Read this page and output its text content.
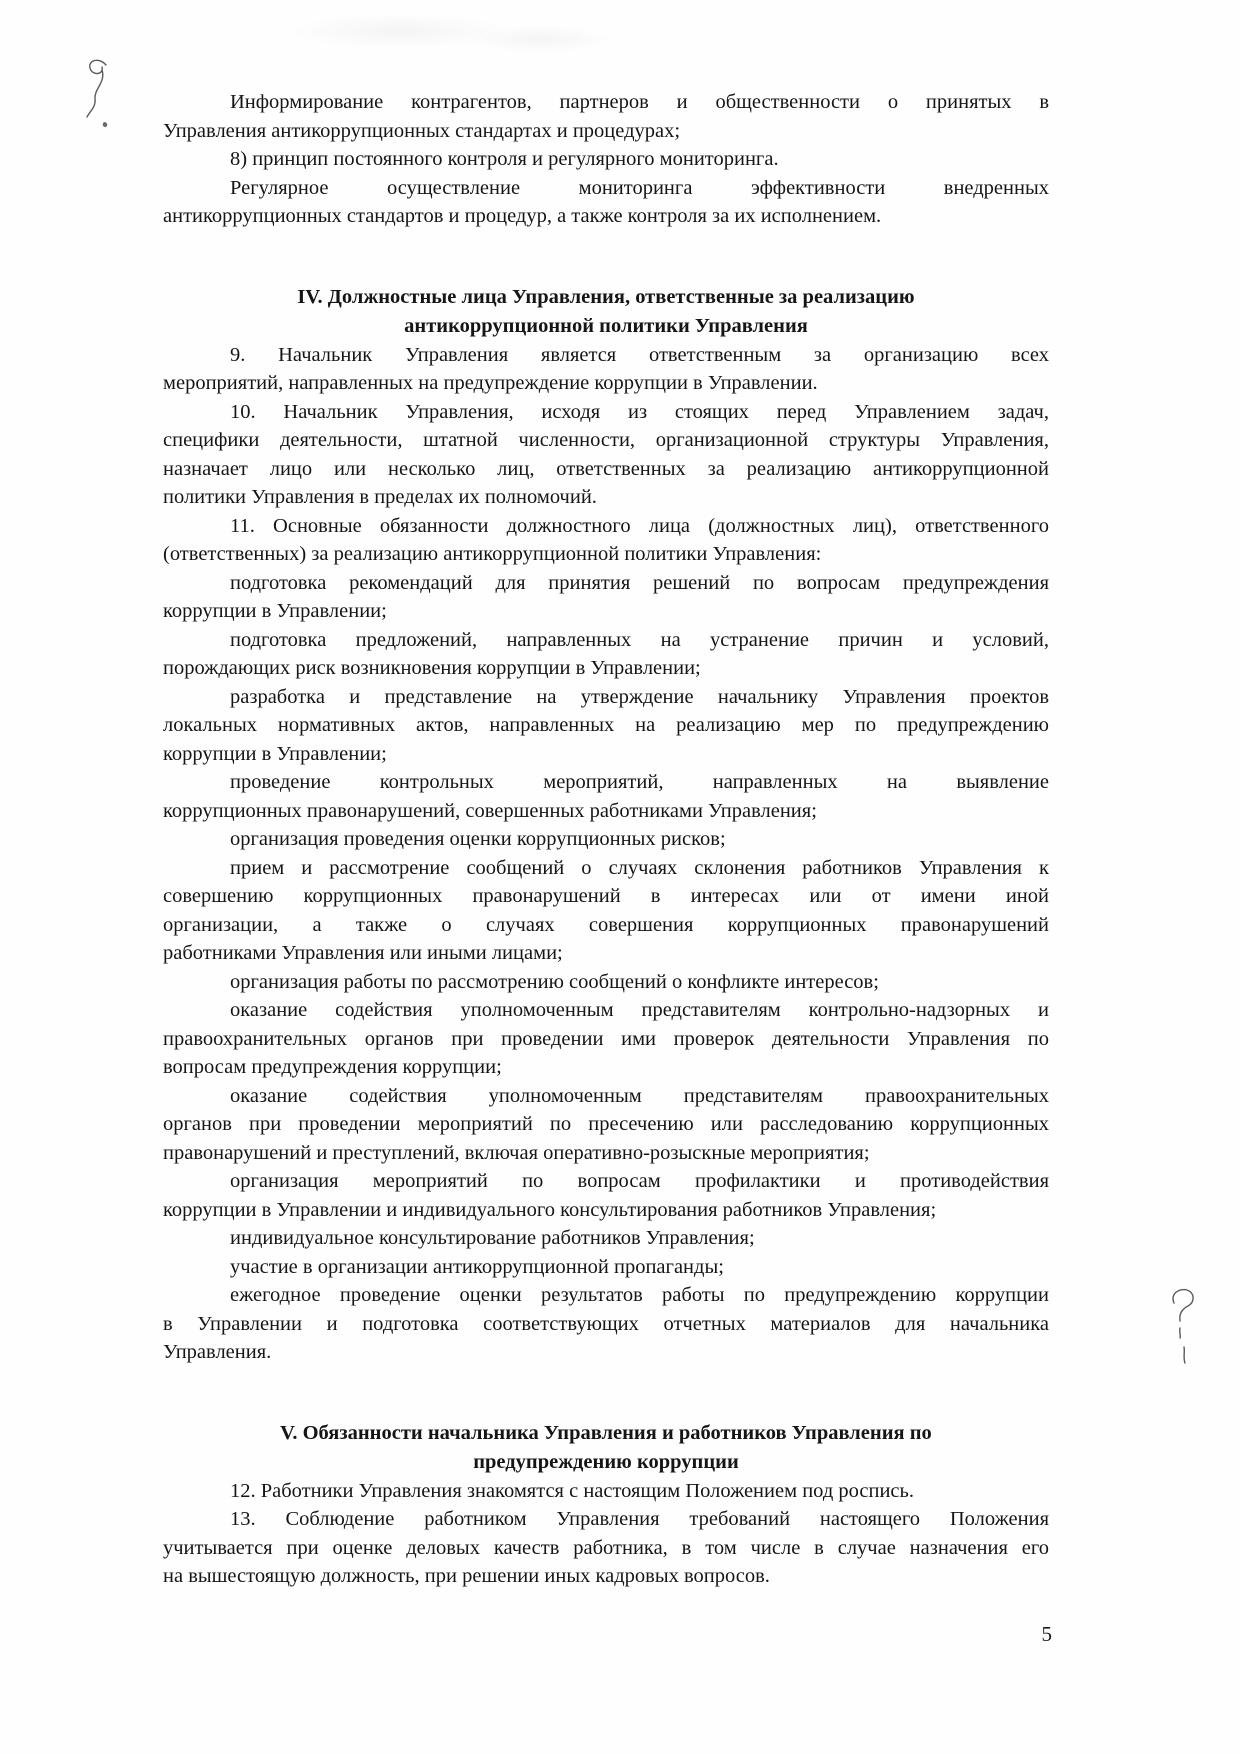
Информирование контрагентов, партнеров и общественности о принятых в
Управления антикоррупционных стандартах и процедурах;
8) принцип постоянного контроля и регулярного мониторинга.
Регулярное осуществление мониторинга эффективности внедренных
антикоррупционных стандартов и процедур, а также контроля за их исполнением.
IV. Должностные лица Управления, ответственные за реализацию
антикоррупционной политики Управления
9. Начальник Управления является ответственным за организацию всех
мероприятий, направленных на предупреждение коррупции в Управлении.
10. Начальник Управления, исходя из стоящих перед Управлением задач,
специфики деятельности, штатной численности, организационной структуры Управления,
назначает лицо или несколько лиц, ответственных за реализацию антикоррупционной
политики Управления в пределах их полномочий.
11. Основные обязанности должностного лица (должностных лиц), ответственного
(ответственных) за реализацию антикоррупционной политики Управления:
подготовка рекомендаций для принятия решений по вопросам предупреждения
коррупции в Управлении;
подготовка предложений, направленных на устранение причин и условий,
порождающих риск возникновения коррупции в Управлении;
разработка и представление на утверждение начальнику Управления проектов
локальных нормативных актов, направленных на реализацию мер по предупреждению
коррупции в Управлении;
проведение контрольных мероприятий, направленных на выявление
коррупционных правонарушений, совершенных работниками Управления;
организация проведения оценки коррупционных рисков;
прием и рассмотрение сообщений о случаях склонения работников Управления к
совершению коррупционных правонарушений в интересах или от имени иной
организации, а также о случаях совершения коррупционных правонарушений
работниками Управления или иными лицами;
организация работы по рассмотрению сообщений о конфликте интересов;
оказание содействия уполномоченным представителям контрольно-надзорных и
правоохранительных органов при проведении ими проверок деятельности Управления по
вопросам предупреждения коррупции;
оказание содействия уполномоченным представителям правоохранительных
органов при проведении мероприятий по пресечению или расследованию коррупционных
правонарушений и преступлений, включая оперативно-розыскные мероприятия;
организация мероприятий по вопросам профилактики и противодействия
коррупции в Управлении и индивидуального консультирования работников Управления;
индивидуальное консультирование работников Управления;
участие в организации антикоррупционной пропаганды;
ежегодное проведение оценки результатов работы по предупреждению коррупции
в Управлении и подготовка соответствующих отчетных материалов для начальника
Управления.
V. Обязанности начальника Управления и работников Управления по
предупреждению коррупции
12. Работники Управления знакомятся с настоящим Положением под роспись.
13. Соблюдение работником Управления требований настоящего Положения
учитывается при оценке деловых качеств работника, в том числе в случае назначения его
на вышестоящую должность, при решении иных кадровых вопросов.
5
